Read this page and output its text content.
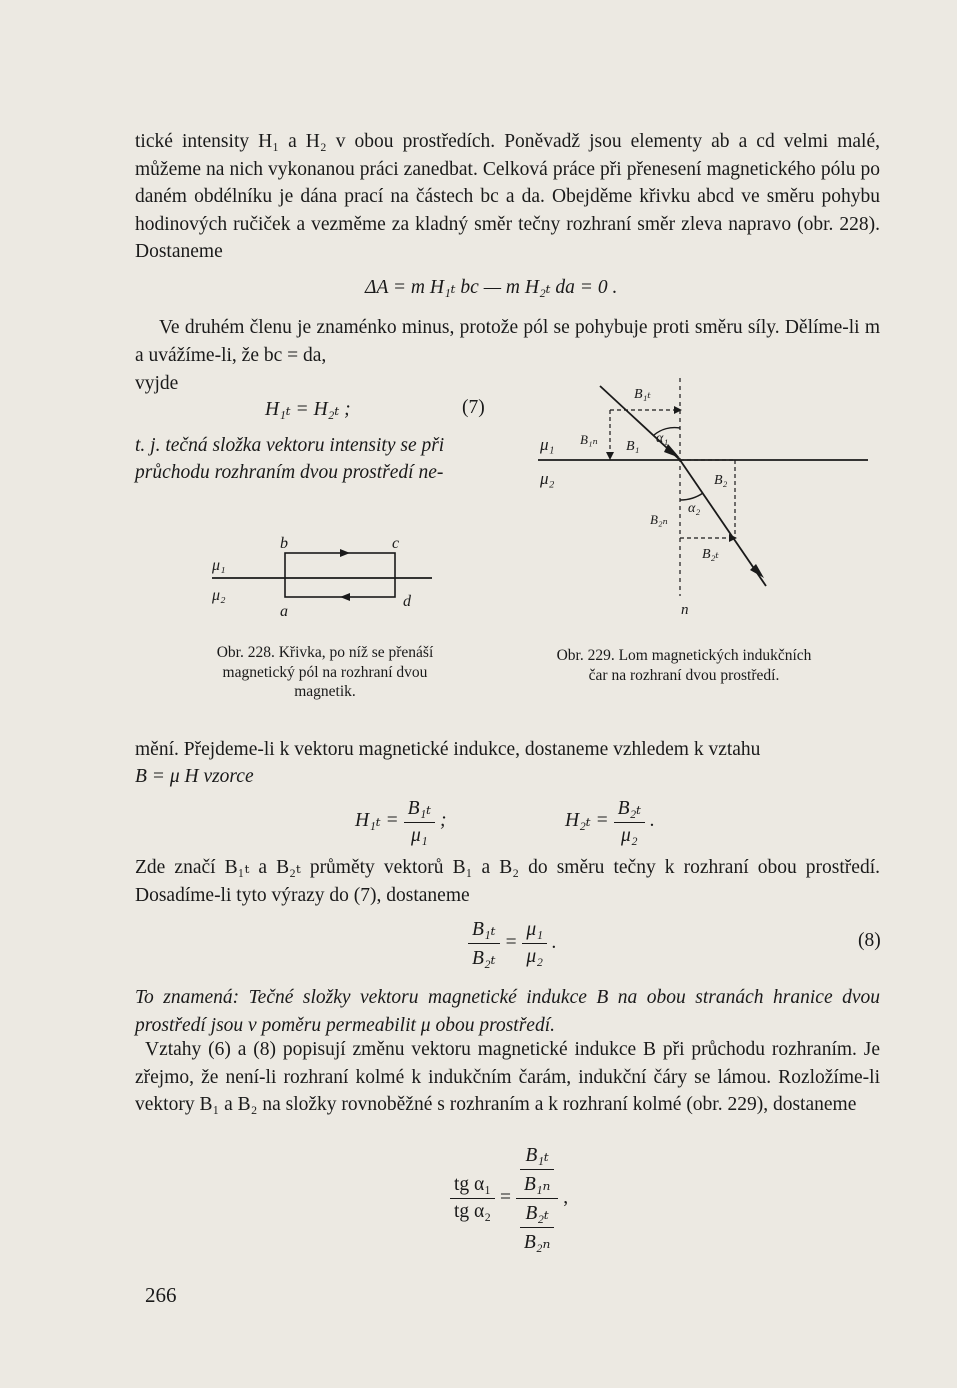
tické intensity H₁ a H₂ v obou prostředích. Poněvadž jsou elementy ab a cd velmi malé, můžeme na nich vykonanou práci zanedbat. Celková práce při přenesení magnetického pólu po daném obdélníku je dána prací na částech bc a da. Obejděme křivku abcd ve směru pohybu hodinových ručiček a vezměme za kladný směr tečny rozhraní směr zleva napravo (obr. 228). Dostaneme
ΔA = m H₁ₜ bc — m H₂ₜ da = 0 .
Ve druhém členu je znaménko minus, protože pól se pohybuje proti směru síly. Dělíme-li m a uvážíme-li, že bc = da,
vyjde
H₁ₜ = H₂ₜ ;	(7)
t. j. tečná složka vektoru intensity se při
průchodu rozhraním dvou prostředí ne-
μ₁
μ₂
b	c
a
d
Obr. 228. Křivka, po níž se přenáší magnetický pól na rozhraní dvou magnetik.
B₁ₜ
B₁ₙ B₁
α₁
μ₁
μ₂	B₂
α₂
B₂ₙ
B₂ₜ
n
Obr. 229. Lom magnetických indukčních čar na rozhraní dvou prostředí.
mění. Přejdeme-li k vektoru magnetické indukce, dostaneme vzhledem k vztahu
B = μ H vzorce
$H_{1t} = \frac{\text{B₁ₜ}}{\text{μ₁}}$ ;	$H_{2t} = \frac{\text{B₂ₜ}}{\text{μ₂}}$ .
Zde značí B₁ₜ a B₂ₜ průměty vektorů B₁ a B₂ do směru tečny k rozhraní obou prostředí. Dosadíme-li tyto výrazy do (7), dostaneme
$\frac{\text{B₁ₜ}}{\text{B₂ₜ}} = \frac{\text{μ₁}}{\text{μ₂}}$ .	(8)
To znamená: Tečné složky vektoru magnetické indukce B na obou stranách hranice dvou prostředí jsou v poměru permeabilit μ obou prostředí.
Vztahy (6) a (8) popisují změnu vektoru magnetické indukce B při průchodu rozhraním. Je zřejmo, že není-li rozhraní kolmé k indukčním čarám, indukční čáry se lámou. Rozložíme-li vektory B₁ a B₂ na složky rovnoběžné s rozhraním a k rozhraní kolmé (obr. 229), dostaneme
$\frac{\text{tg α₁}}{\text{tg α₂}} = \frac{\frac{\text{B₁ₜ}}{\text{B₁ₙ}}}{\frac{\text{B₂ₜ}}{\text{B₂ₙ}}}$ ,
266
